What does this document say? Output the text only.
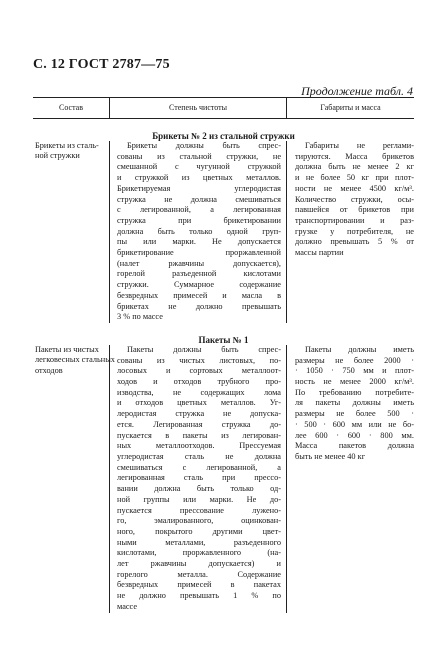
С. 12 ГОСТ 2787—75
Продолжение табл. 4
Состав	Степень чистоты	Габариты и масса
Брикеты № 2 из стальной стружки
Брикеты из сталь-
ной стружки
Брикеты должны быть спрес-
сованы из стальной стружки, не
смешанной с чугунной стружкой
и стружкой из цветных металлов.
Брикетируемая углеродистая
стружка не должна смешиваться
с легированной, а легированная
стружка при брикетировании
должна быть только одной груп-
пы или марки. Не допускается
брикетирование проржавленной
(налет ржавчины допускается),
горелой разъеденной кислотами
стружки. Суммарное содержание
безвредных примесей и масла в
брикетах не должно превышать
3 % по массе
Габариты не реглами-
тируются. Масса брикетов
должна быть не менее 2 кг
и не более 50 кг при плот-
ности не менее 4500 кг/м³.
Количество стружки, осы-
павшейся от брикетов при
транспортировании и раз-
грузке у потребителя, не
должно превышать 5 % от
массы партии
Пакеты № 1
Пакеты из чистых
легковесных стальных
отходов
Пакеты должны быть спрес-
сованы из чистых листовых, по-
лосовых и сортовых металлоот-
ходов и отходов трубного про-
изводства, не содержащих лома
и отходов цветных металлов. Уг-
леродистая стружка не допуска-
ется. Легированная стружка до-
пускается в пакеты из легирован-
ных металлоотходов. Прессуемая
углеродистая сталь не должна
смешиваться с легированной, а
легированная сталь при прессо-
вании должна быть только од-
ной группы или марки. Не до-
пускается прессование лужено-
го, эмалированного, оцинкован-
ного, покрытого другими цвет-
ными металлами, разъеденного
кислотами, проржавленного (на-
лет ржавчины допускается) и
горелого металла. Содержание
безвредных примесей в пакетах
не должно превышать 1 % по
массе
Пакеты должны иметь
размеры не более 2000 ·
· 1050 · 750 мм и плот-
ность не менее 2000 кг/м³.
По требованию потребите-
ля пакеты должны иметь
размеры не более 500 ·
· 500 · 600 мм или не бо-
лее 600 · 600 · 800 мм.
Масса пакетов должна
быть не менее 40 кг
